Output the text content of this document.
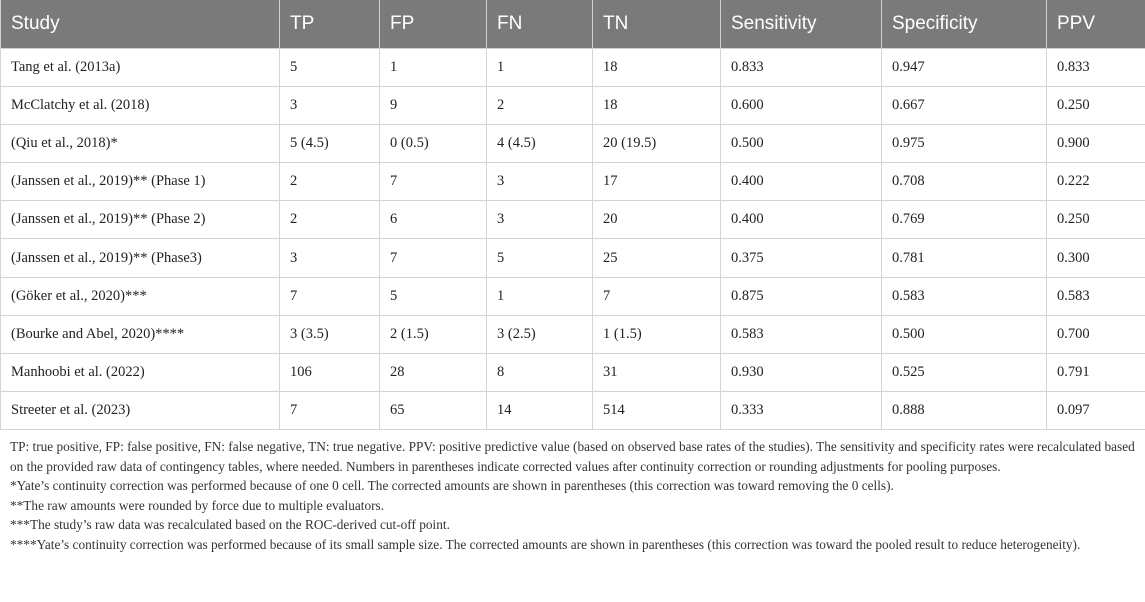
Study	TP	FP	FN	TN	Sensitivity	Specificity	PPV
Tang et al. (2013a)	5	1	1	18	0.833	0.947	0.833
McClatchy et al. (2018)	3	9	2	18	0.600	0.667	0.250
(Qiu et al., 2018)*	5 (4.5)	0 (0.5)	4 (4.5)	20 (19.5)	0.500	0.975	0.900
(Janssen et al., 2019)** (Phase 1)	2	7	3	17	0.400	0.708	0.222
(Janssen et al., 2019)** (Phase 2)	2	6	3	20	0.400	0.769	0.250
(Janssen et al., 2019)** (Phase3)	3	7	5	25	0.375	0.781	0.300
(Göker et al., 2020)***	7	5	1	7	0.875	0.583	0.583
(Bourke and Abel, 2020)****	3 (3.5)	2 (1.5)	3 (2.5)	1 (1.5)	0.583	0.500	0.700
Manhoobi et al. (2022)	106	28	8	31	0.930	0.525	0.791
Streeter et al. (2023)	7	65	14	514	0.333	0.888	0.097

TP: true positive, FP: false positive, FN: false negative, TN: true negative. PPV: positive predictive value (based on observed base rates of the studies). The sensitivity and specificity rates were recalculated based on the provided raw data of contingency tables, where needed. Numbers in parentheses indicate corrected values after continuity correction or rounding adjustments for pooling purposes.

*Yate’s continuity correction was performed because of one 0 cell. The corrected amounts are shown in parentheses (this correction was toward removing the 0 cells).

**The raw amounts were rounded by force due to multiple evaluators.

***The study’s raw data was recalculated based on the ROC-derived cut-off point.

****Yate’s continuity correction was performed because of its small sample size. The corrected amounts are shown in parentheses (this correction was toward the pooled result to reduce heterogeneity).
